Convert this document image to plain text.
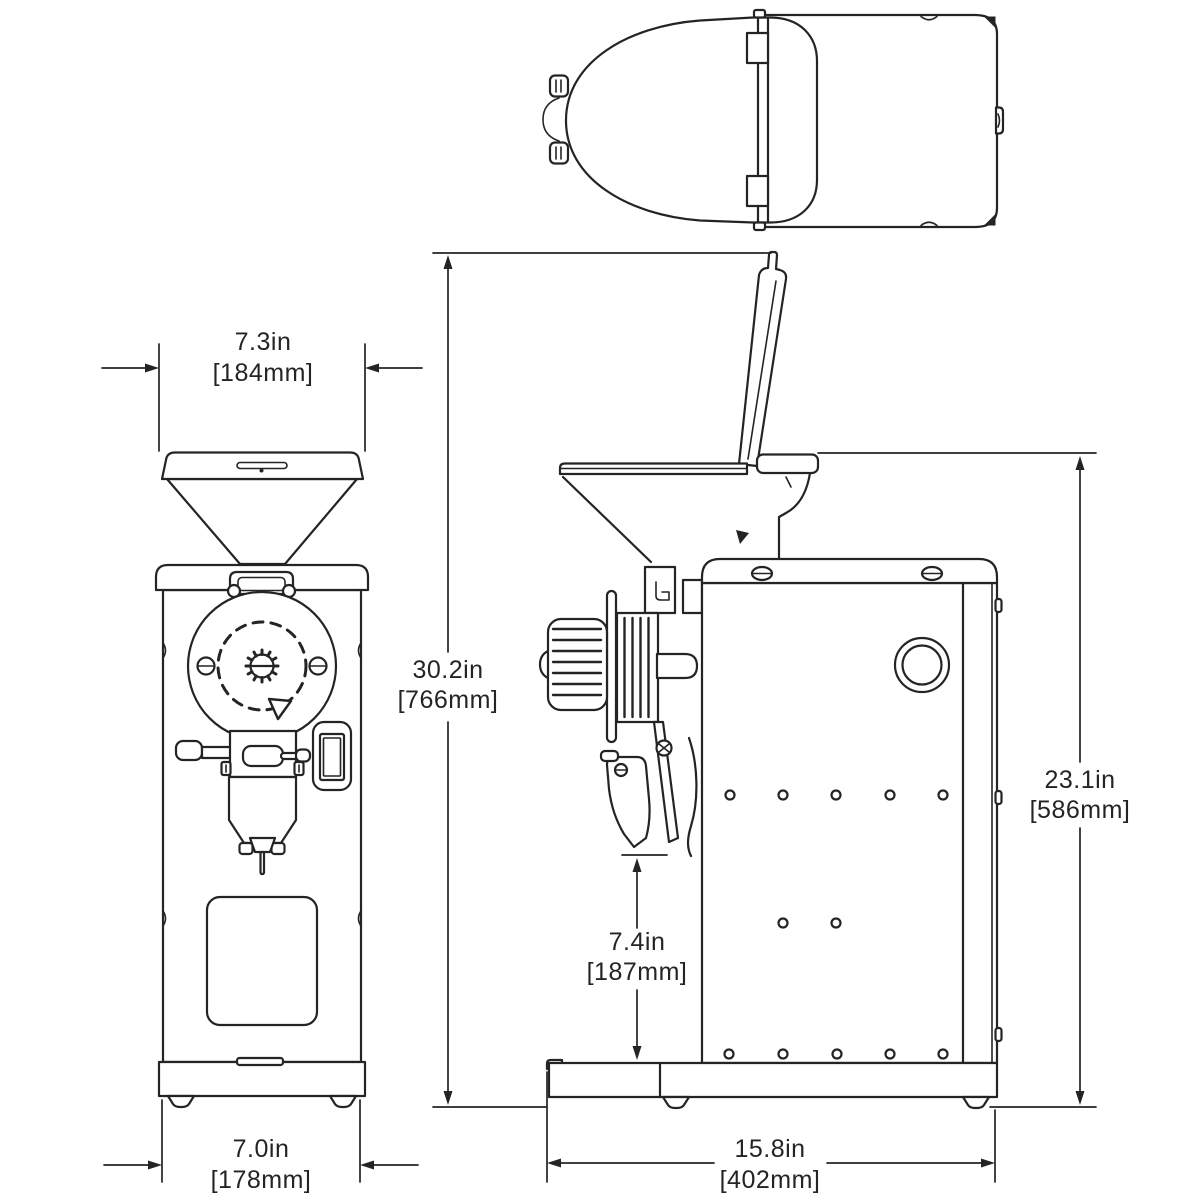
7.3in
[184mm]
30.2in
[766mm]
23.1in
[586mm]
7.4in
[187mm]
7.0in
[178mm]
15.8in
[402mm]
